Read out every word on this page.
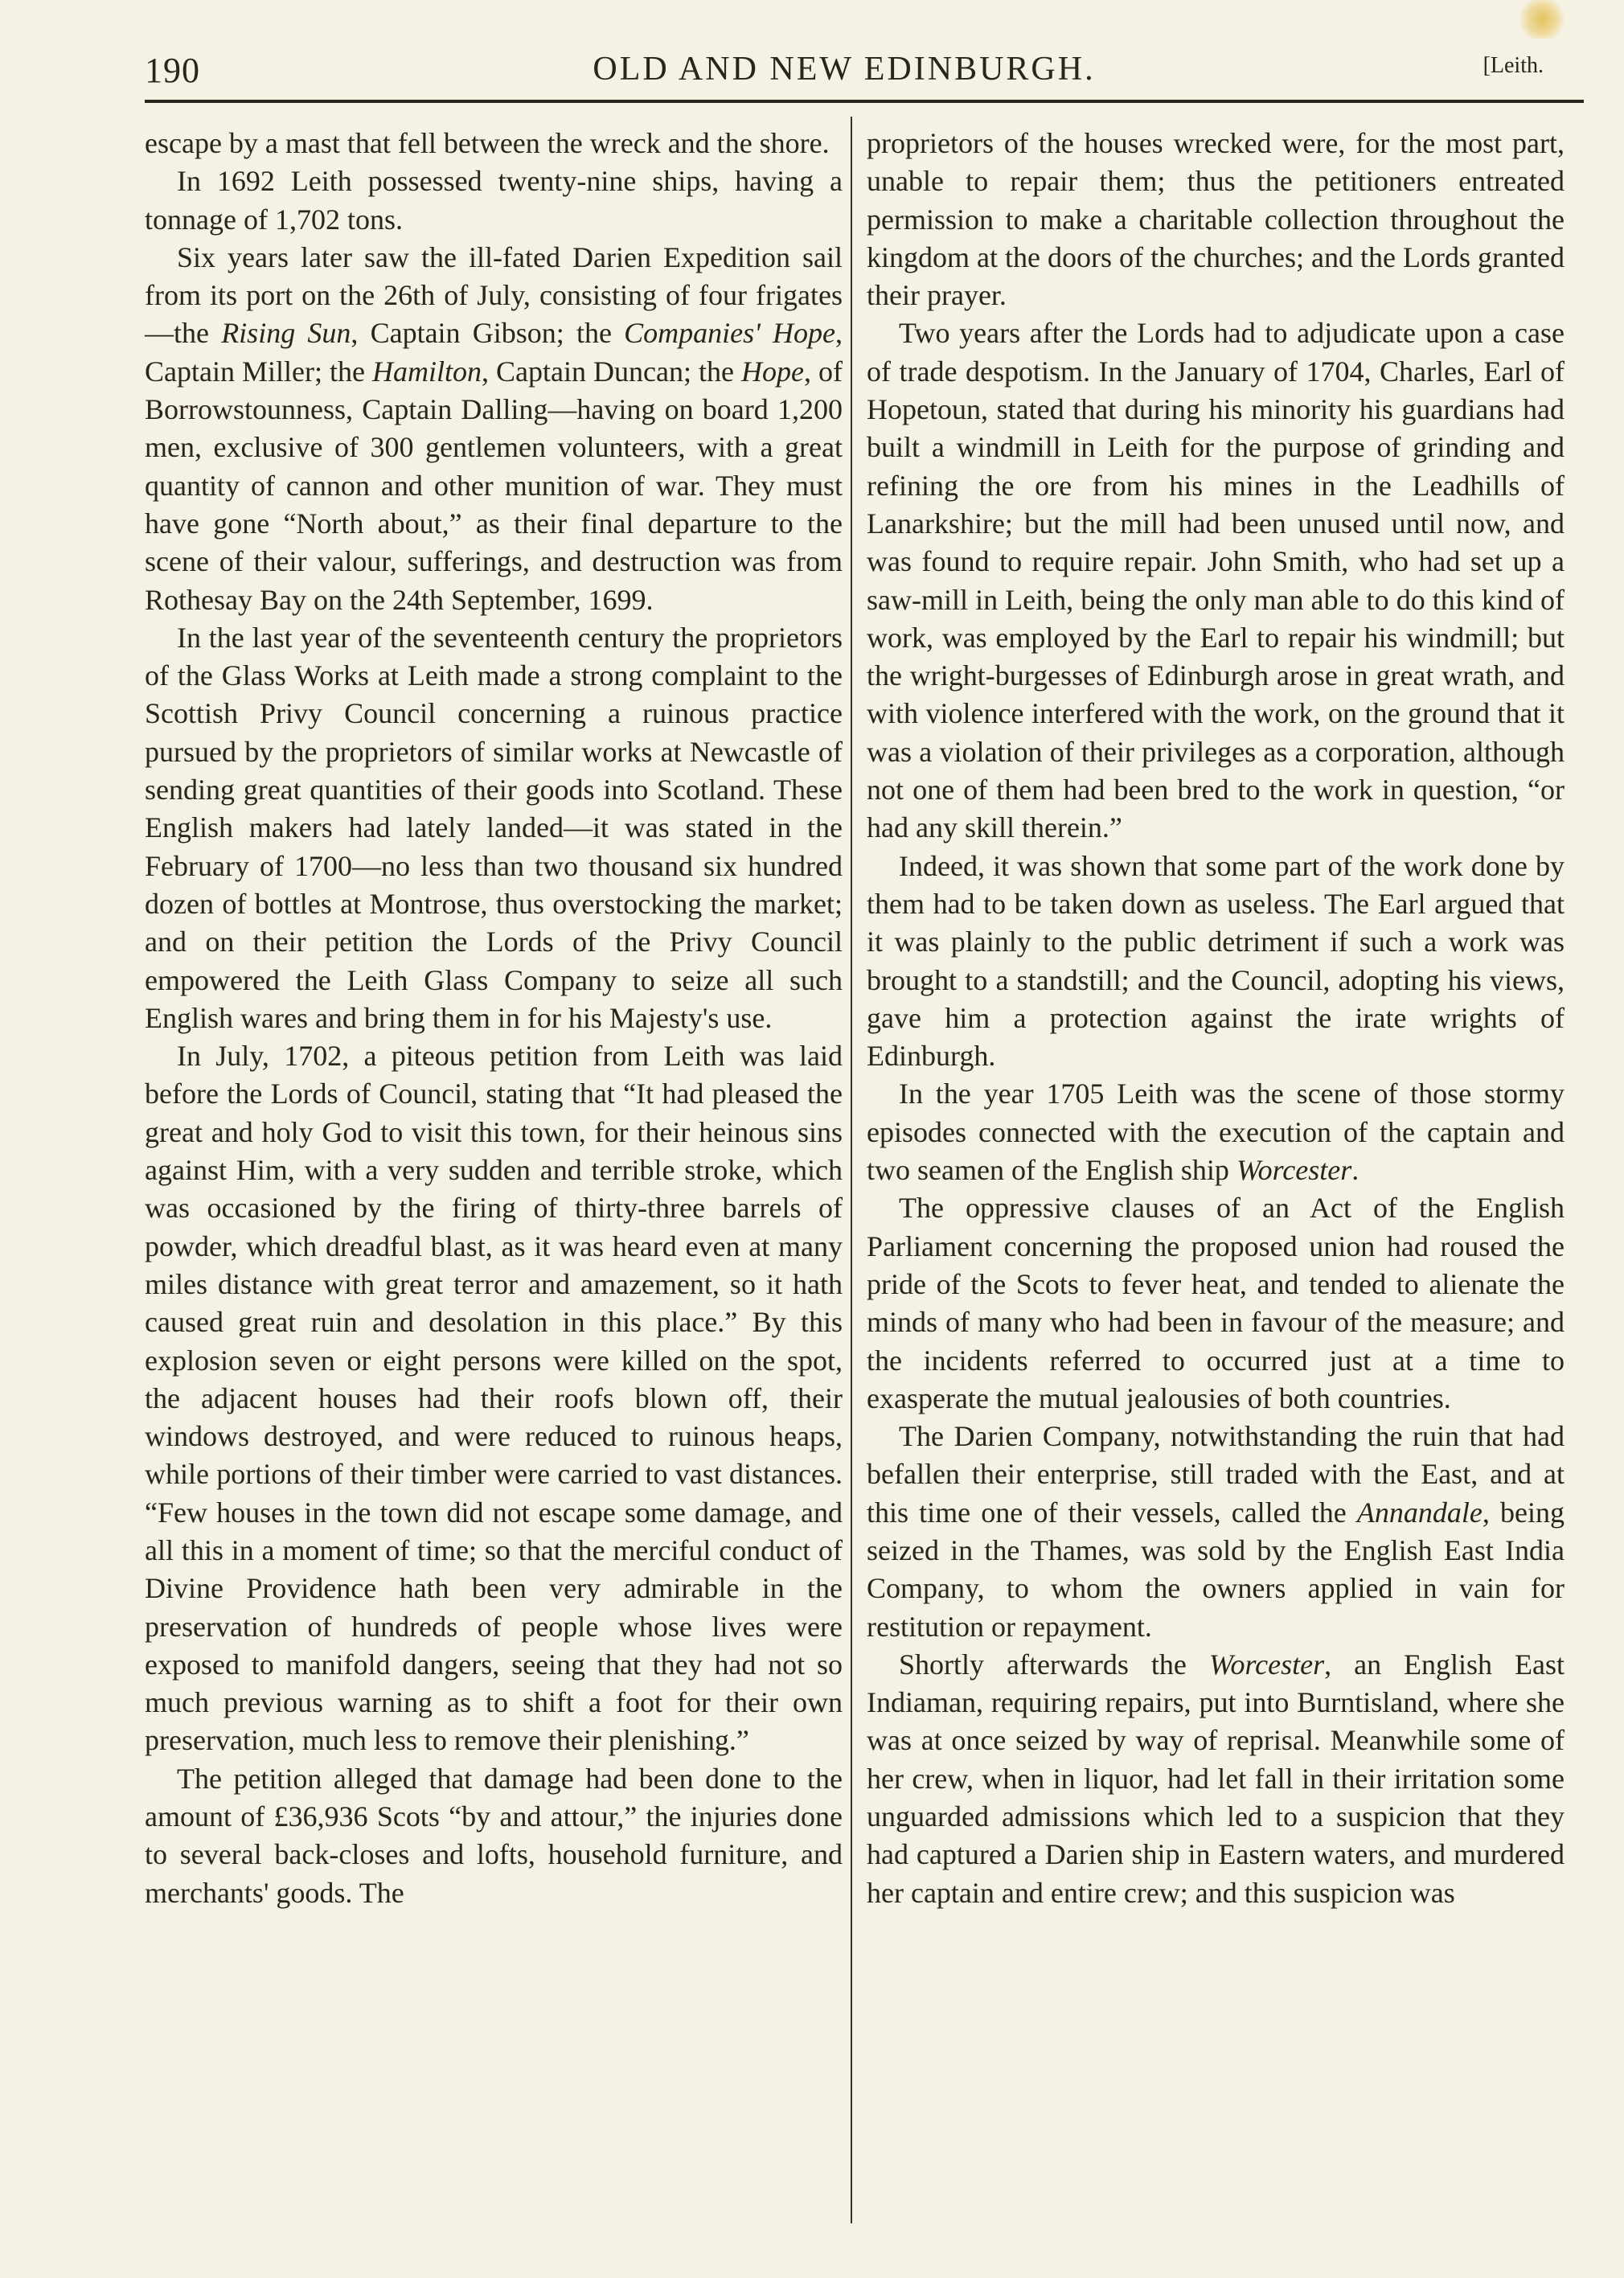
190	OLD AND NEW EDINBURGH.	[Leith.

escape by a mast that fell between the wreck and the shore.

In 1692 Leith possessed twenty-nine ships, having a tonnage of 1,702 tons.

Six years later saw the ill-fated Darien Expedition sail from its port on the 26th of July, consisting of four frigates—the Rising Sun, Captain Gibson; the Companies' Hope, Captain Miller; the Hamilton, Captain Duncan; the Hope, of Borrowstounness, Captain Dalling—having on board 1,200 men, exclusive of 300 gentlemen volunteers, with a great quantity of cannon and other munition of war. They must have gone “North about,” as their final departure to the scene of their valour, sufferings, and destruction was from Rothesay Bay on the 24th September, 1699.

In the last year of the seventeenth century the proprietors of the Glass Works at Leith made a strong complaint to the Scottish Privy Council concerning a ruinous practice pursued by the proprietors of similar works at Newcastle of sending great quantities of their goods into Scotland. These English makers had lately landed—it was stated in the February of 1700—no less than two thousand six hundred dozen of bottles at Montrose, thus overstocking the market; and on their petition the Lords of the Privy Council empowered the Leith Glass Company to seize all such English wares and bring them in for his Majesty's use.

In July, 1702, a piteous petition from Leith was laid before the Lords of Council, stating that “It had pleased the great and holy God to visit this town, for their heinous sins against Him, with a very sudden and terrible stroke, which was occasioned by the firing of thirty-three barrels of powder, which dreadful blast, as it was heard even at many miles distance with great terror and amazement, so it hath caused great ruin and desolation in this place.” By this explosion seven or eight persons were killed on the spot, the adjacent houses had their roofs blown off, their windows destroyed, and were reduced to ruinous heaps, while portions of their timber were carried to vast distances. “Few houses in the town did not escape some damage, and all this in a moment of time; so that the merciful conduct of Divine Providence hath been very admirable in the preservation of hundreds of people whose lives were exposed to manifold dangers, seeing that they had not so much previous warning as to shift a foot for their own preservation, much less to remove their plenishing.”

The petition alleged that damage had been done to the amount of £36,936 Scots “by and attour,” the injuries done to several back-closes and lofts, household furniture, and merchants' goods. The

proprietors of the houses wrecked were, for the most part, unable to repair them; thus the petitioners entreated permission to make a charitable collection throughout the kingdom at the doors of the churches; and the Lords granted their prayer.

Two years after the Lords had to adjudicate upon a case of trade despotism. In the January of 1704, Charles, Earl of Hopetoun, stated that during his minority his guardians had built a windmill in Leith for the purpose of grinding and refining the ore from his mines in the Leadhills of Lanarkshire; but the mill had been unused until now, and was found to require repair. John Smith, who had set up a saw-mill in Leith, being the only man able to do this kind of work, was employed by the Earl to repair his windmill; but the wright-burgesses of Edinburgh arose in great wrath, and with violence interfered with the work, on the ground that it was a violation of their privileges as a corporation, although not one of them had been bred to the work in question, “or had any skill therein.”

Indeed, it was shown that some part of the work done by them had to be taken down as useless. The Earl argued that it was plainly to the public detriment if such a work was brought to a standstill; and the Council, adopting his views, gave him a protection against the irate wrights of Edinburgh.

In the year 1705 Leith was the scene of those stormy episodes connected with the execution of the captain and two seamen of the English ship Worcester.

The oppressive clauses of an Act of the English Parliament concerning the proposed union had roused the pride of the Scots to fever heat, and tended to alienate the minds of many who had been in favour of the measure; and the incidents referred to occurred just at a time to exasperate the mutual jealousies of both countries.

The Darien Company, notwithstanding the ruin that had befallen their enterprise, still traded with the East, and at this time one of their vessels, called the Annandale, being seized in the Thames, was sold by the English East India Company, to whom the owners applied in vain for restitution or repayment.

Shortly afterwards the Worcester, an English East Indiaman, requiring repairs, put into Burntisland, where she was at once seized by way of reprisal. Meanwhile some of her crew, when in liquor, had let fall in their irritation some unguarded admissions which led to a suspicion that they had captured a Darien ship in Eastern waters, and murdered her captain and entire crew; and this suspicion was
